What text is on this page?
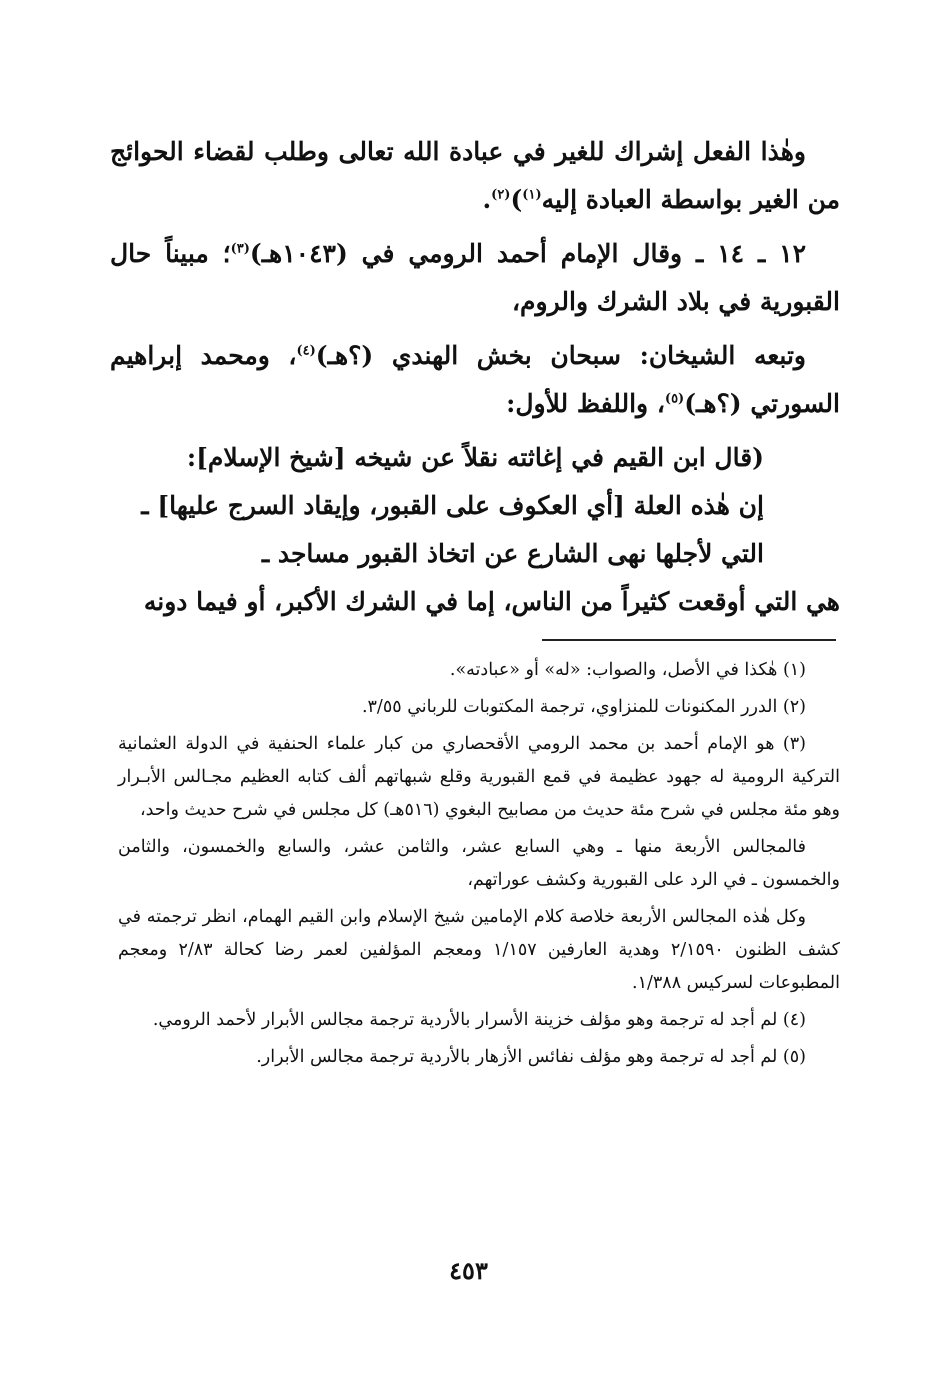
وهٰذا الفعل إشراك للغير في عبادة الله تعالى وطلب لقضاء الحوائج من الغير بواسطة العبادة إليه$^{(١)}$)$^{(٢)}$.

١٢ ـ ١٤ ـ وقال الإمام أحمد الرومي في (١٠٤٣هـ)$^{(٣)}$؛ مبيناً حال القبورية في بلاد الشرك والروم،

وتبعه الشيخان: سبحان بخش الهندي (؟هـ)$^{(٤)}$، ومحمد إبراهيم السورتي (؟هـ)$^{(٥)}$، واللفظ للأول:

(قال ابن القيم في إغاثته نقلاً عن شيخه [شيخ الإسلام]:

إن هٰذه العلة [أي العكوف على القبور، وإيقاد السرج عليها] ـ

التي لأجلها نهى الشارع عن اتخاذ القبور مساجد ـ

هي التي أوقعت كثيراً من الناس، إما في الشرك الأكبر، أو فيما دونه

(١) هٰكذا في الأصل، والصواب: «له» أو «عبادته».

(٢) الدرر المكنونات للمنزاوي، ترجمة المكتوبات للرباني ٣/٥٥.

(٣) هو الإمام أحمد بن محمد الرومي الأقحصاري من كبار علماء الحنفية في الدولة العثمانية التركية الرومية له جهود عظيمة في قمع القبورية وقلع شبهاتهم ألف كتابه العظيم مجـالس الأبـرار وهو مئة مجلس في شرح مئة حديث من مصابيح البغوي (٥١٦هـ) كل مجلس في شرح حديث واحد،

فالمجالس الأربعة منها ـ وهي السابع عشر، والثامن عشر، والسابع والخمسون، والثامن والخمسون ـ في الرد على القبورية وكشف عوراتهم،

وكل هٰذه المجالس الأربعة خلاصة كلام الإمامين شيخ الإسلام وابن القيم الهمام، انظر ترجمته في كشف الظنون ٢/١٥٩٠ وهدية العارفين ١/١٥٧ ومعجم المؤلفين لعمر رضا كحالة ٢/٨٣ ومعجم المطبوعات لسركيس ١/٣٨٨.

(٤) لم أجد له ترجمة وهو مؤلف خزينة الأسرار بالأردية ترجمة مجالس الأبرار لأحمد الرومي.

(٥) لم أجد له ترجمة وهو مؤلف نفائس الأزهار بالأردية ترجمة مجالس الأبرار.

٤٥٣
